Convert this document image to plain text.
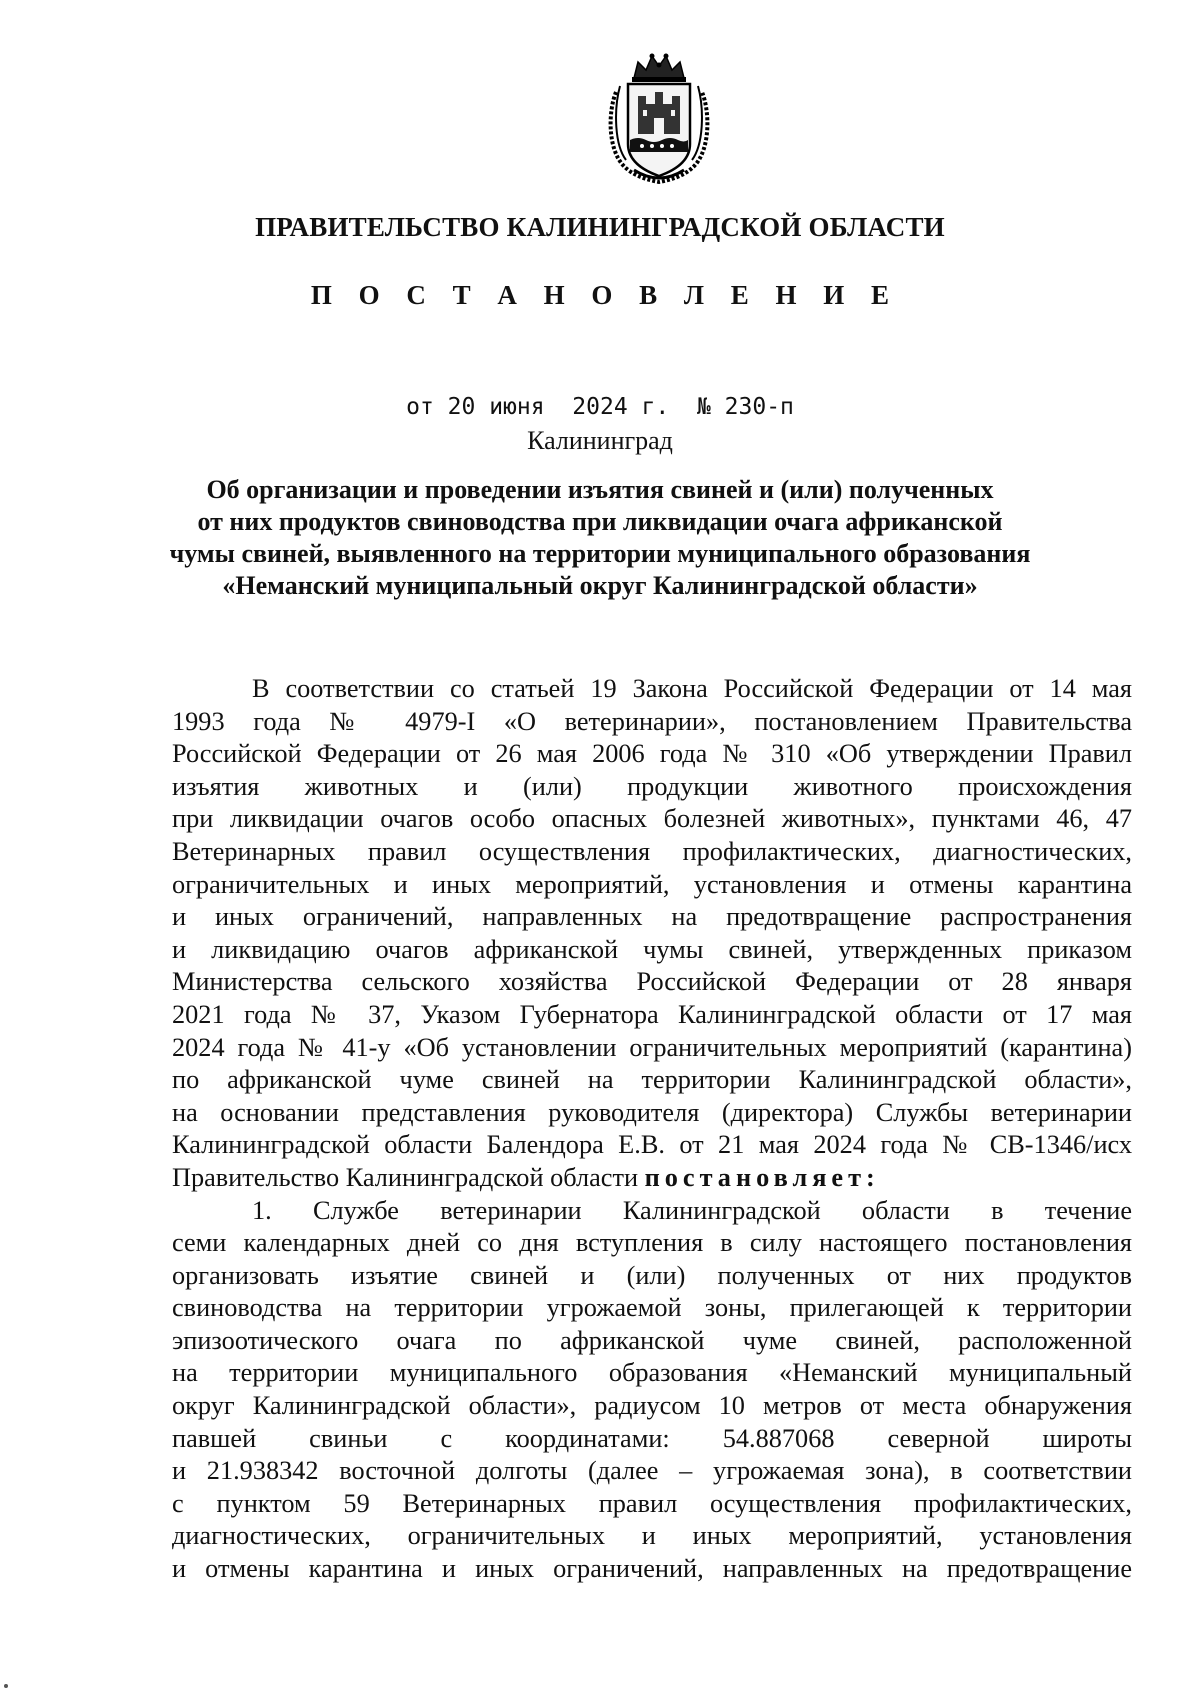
ПРАВИТЕЛЬСТВО КАЛИНИНГРАДСКОЙ ОБЛАСТИ
П О С Т А Н О В Л Е Н И Е
от 20 июня 2024 г. № 230-п
Калининград
Об организации и проведении изъятия свиней и (или) полученных
от них продуктов свиноводства при ликвидации очага африканской
чумы свиней, выявленного на территории муниципального образования
«Неманский муниципальный округ Калининградской области»

В соответствии со статьей 19 Закона Российской Федерации от 14 мая

1993 года № 4979-I «О ветеринарии», постановлением Правительства

Российской Федерации от 26 мая 2006 года № 310 «Об утверждении Правил

изъятия животных и (или) продукции животного происхождения

при ликвидации очагов особо опасных болезней животных», пунктами 46, 47

Ветеринарных правил осуществления профилактических, диагностических,

ограничительных и иных мероприятий, установления и отмены карантина

и иных ограничений, направленных на предотвращение распространения

и ликвидацию очагов африканской чумы свиней, утвержденных приказом

Министерства сельского хозяйства Российской Федерации от 28 января

2021 года № 37, Указом Губернатора Калининградской области от 17 мая

2024 года № 41-у «Об установлении ограничительных мероприятий (карантина)

по африканской чуме свиней на территории Калининградской области»,

на основании представления руководителя (директора) Службы ветеринарии

Калининградской области Балендора Е.В. от 21 мая 2024 года № СВ-1346/исх

Правительство Калининградской области постановляет:

1. Службе ветеринарии Калининградской области в течение

семи календарных дней со дня вступления в силу настоящего постановления

организовать изъятие свиней и (или) полученных от них продуктов

свиноводства на территории угрожаемой зоны, прилегающей к территории

эпизоотического очага по африканской чуме свиней, расположенной

на территории муниципального образования «Неманский муниципальный

округ Калининградской области», радиусом 10 метров от места обнаружения

павшей свиньи с координатами: 54.887068 северной широты

и 21.938342 восточной долготы (далее – угрожаемая зона), в соответствии

с пунктом 59 Ветеринарных правил осуществления профилактических,

диагностических, ограничительных и иных мероприятий, установления

и отмены карантина и иных ограничений, направленных на предотвращение
